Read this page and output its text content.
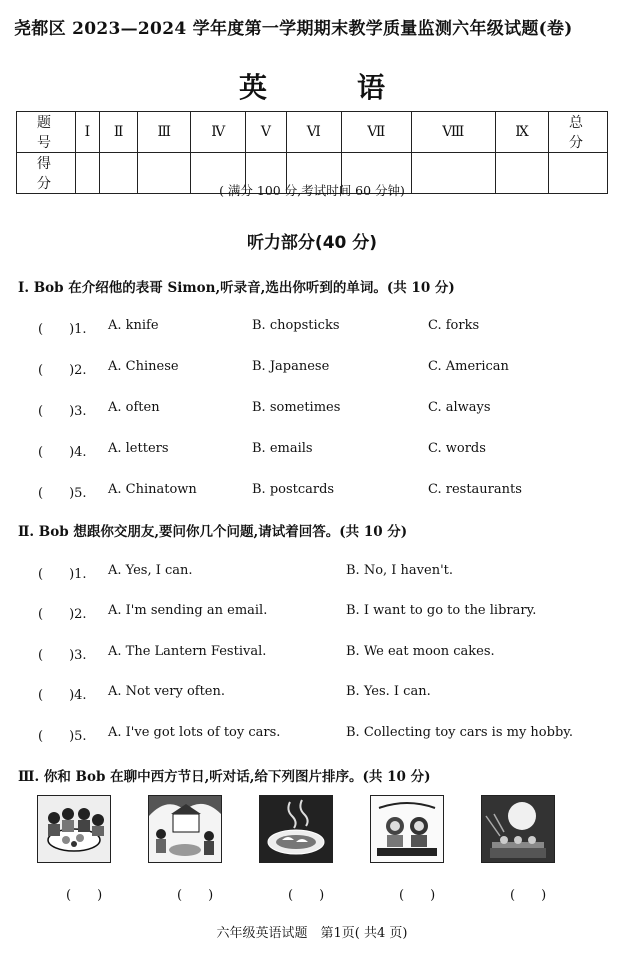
尧都区 2023—2024 学年度第一学期期末教学质量监测六年级试题(卷)
英	语
题 号	Ⅰ	Ⅱ	Ⅲ	Ⅳ	Ⅴ	Ⅵ	Ⅶ	Ⅷ	Ⅸ	总 分
得 分											( 满分 100 分,考试时间 60 分钟)
听力部分(40 分)
Ⅰ. Bob 在介绍他的表哥 Simon,听录音,选出你听到的单词。(共 10 分)
(　　)1. A. knife	B. chopsticks	C. forks
(　　)2. A. Chinese	B. Japanese	C. American
(　　)3. A. often	B. sometimes	C. always
(　　)4. A. letters	B. emails	C. words
(　　)5. A. Chinatown	B. postcards	C. restaurants
Ⅱ. Bob 想跟你交朋友,要问你几个问题,请试着回答。(共 10 分)
(　　)1. A. Yes, I can.	B. No, I haven't.
(　　)2. A. I'm sending an email.	B. I want to go to the library.
(　　)3. A. The Lantern Festival.	B. We eat moon cakes.
(　　)4. A. Not very often.	B. Yes. I can.
(　　)5. A. I've got lots of toy cars.	B. Collecting toy cars is my hobby.
Ⅲ. 你和 Bob 在聊中西方节日,听对话,给下列图片排序。(共 10 分)
(　　)	(　　)	(　　)	(　　)	(　　)
六年级英语试题　第1页( 共4 页)
